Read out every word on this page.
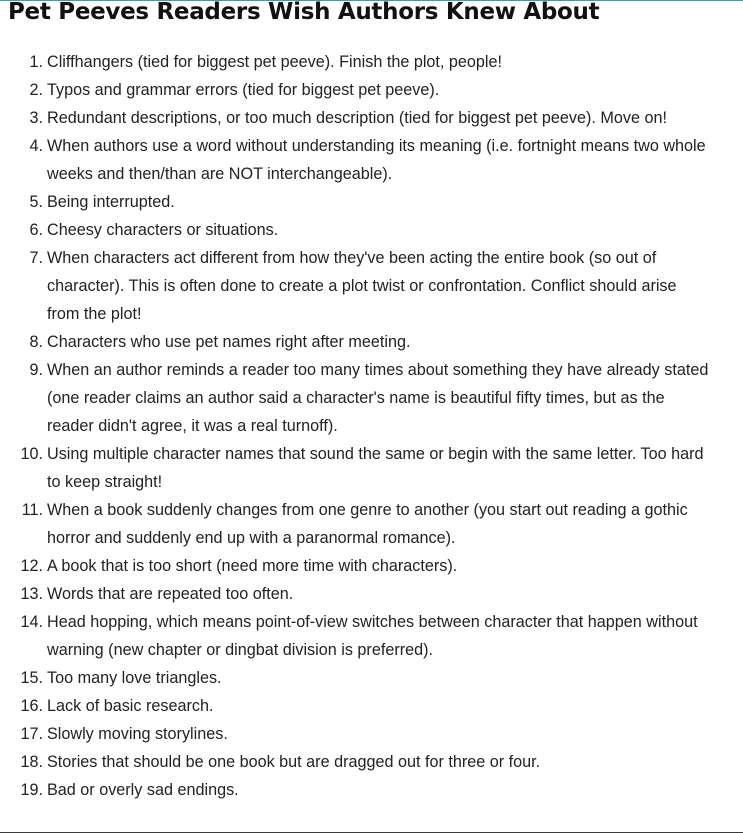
Pet Peeves Readers Wish Authors Knew About
1. Cliffhangers (tied for biggest pet peeve). Finish the plot, people!
2. Typos and grammar errors (tied for biggest pet peeve).
3. Redundant descriptions, or too much description (tied for biggest pet peeve). Move on!
4. When authors use a word without understanding its meaning (i.e. fortnight means two whole weeks and then/than are NOT interchangeable).
5. Being interrupted.
6. Cheesy characters or situations.
7. When characters act different from how they've been acting the entire book (so out of character). This is often done to create a plot twist or confrontation. Conflict should arise from the plot!
8. Characters who use pet names right after meeting.
9. When an author reminds a reader too many times about something they have already stated (one reader claims an author said a character's name is beautiful fifty times, but as the reader didn't agree, it was a real turnoff).
10. Using multiple character names that sound the same or begin with the same letter. Too hard to keep straight!
11. When a book suddenly changes from one genre to another (you start out reading a gothic horror and suddenly end up with a paranormal romance).
12. A book that is too short (need more time with characters).
13. Words that are repeated too often.
14. Head hopping, which means point-of-view switches between character that happen without warning (new chapter or dingbat division is preferred).
15. Too many love triangles.
16. Lack of basic research.
17. Slowly moving storylines.
18. Stories that should be one book but are dragged out for three or four.
19. Bad or overly sad endings.
